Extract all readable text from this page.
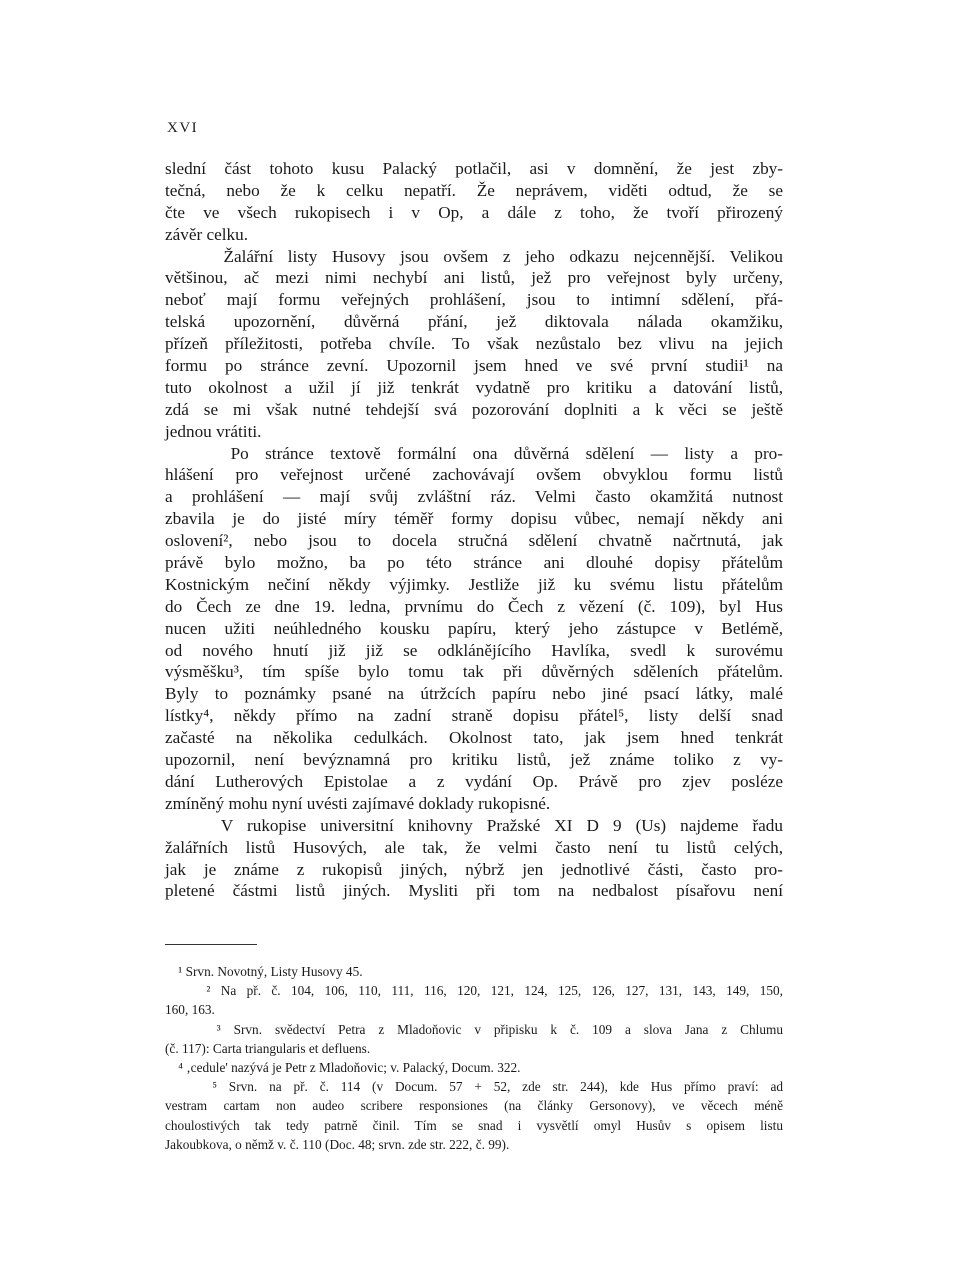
XVI

slední část tohoto kusu Palacký potlačil, asi v domnění, že jest zby-
tečná, nebo že k celku nepatří. Že neprávem, viděti odtud, že se
čte ve všech rukopisech i v Op, a dále z toho, že tvoří přirozený
závěr celku.

Žalářní listy Husovy jsou ovšem z jeho odkazu nejcennější. Velikou
většinou, ač mezi nimi nechybí ani listů, jež pro veřejnost byly určeny,
neboť mají formu veřejných prohlášení, jsou to intimní sdělení, přá-
telská upozornění, důvěrná přání, jež diktovala nálada okamžiku,
přízeň příležitosti, potřeba chvíle. To však nezůstalo bez vlivu na jejich
formu po stránce zevní. Upozornil jsem hned ve své první studii¹ na
tuto okolnost a užil jí již tenkrát vydatně pro kritiku a datování listů,
zdá se mi však nutné tehdejší svá pozorování doplniti a k věci se ještě
jednou vrátiti.

Po stránce textově formální ona důvěrná sdělení — listy a pro-
hlášení pro veřejnost určené zachovávají ovšem obvyklou formu listů
a prohlášení — mají svůj zvláštní ráz. Velmi často okamžitá nutnost
zbavila je do jisté míry téměř formy dopisu vůbec, nemají někdy ani
oslovení², nebo jsou to docela stručná sdělení chvatně načrtnutá, jak
právě bylo možno, ba po této stránce ani dlouhé dopisy přátelům
Kostnickým nečiní někdy výjimky. Jestliže již ku svému listu přátelům
do Čech ze dne 19. ledna, prvnímu do Čech z vězení (č. 109), byl Hus
nucen užiti neúhledného kousku papíru, který jeho zástupce v Betlémě,
od nového hnutí již již se odklánějícího Havlíka, svedl k surovému
výsměšku³, tím spíše bylo tomu tak při důvěrných sděleních přátelům.
Byly to poznámky psané na útržcích papíru nebo jiné psací látky, malé
lístky⁴, někdy přímo na zadní straně dopisu přátel⁵, listy delší snad
začasté na několika cedulkách. Okolnost tato, jak jsem hned tenkrát
upozornil, není bevýznamná pro kritiku listů, jež známe toliko z vy-
dání Lutherových Epistolae a z vydání Op. Právě pro zjev posléze
zmíněný mohu nyní uvésti zajímavé doklady rukopisné.

V rukopise universitní knihovny Pražské XI D 9 (Us) najdeme řadu
žalářních listů Husových, ale tak, že velmi často není tu listů celých,
jak je známe z rukopisů jiných, nýbrž jen jednotlivé části, často pro-
pletené částmi listů jiných. Mysliti při tom na nedbalost písařovu není

¹ Srvn. Novotný, Listy Husovy 45.
² Na př. č. 104, 106, 110, 111, 116, 120, 121, 124, 125, 126, 127, 131, 143, 149, 150,
160, 163.
³ Srvn. svědectví Petra z Mladoňovic v připisku k č. 109 a slova Jana z Chlumu
(č. 117): Carta triangularis et defluens.
⁴ ‚cedule' nazývá je Petr z Mladoňovic; v. Palacký, Docum. 322.
⁵ Srvn. na př. č. 114 (v Docum. 57 + 52, zde str. 244), kde Hus přímo praví: ad
vestram cartam non audeo scribere responsiones (na články Gersonovy), ve věcech méně
choulostivých tak tedy patrně činil. Tím se snad i vysvětlí omyl Husův s opisem listu
Jakoubkova, o němž v. č. 110 (Doc. 48; srvn. zde str. 222, č. 99).
